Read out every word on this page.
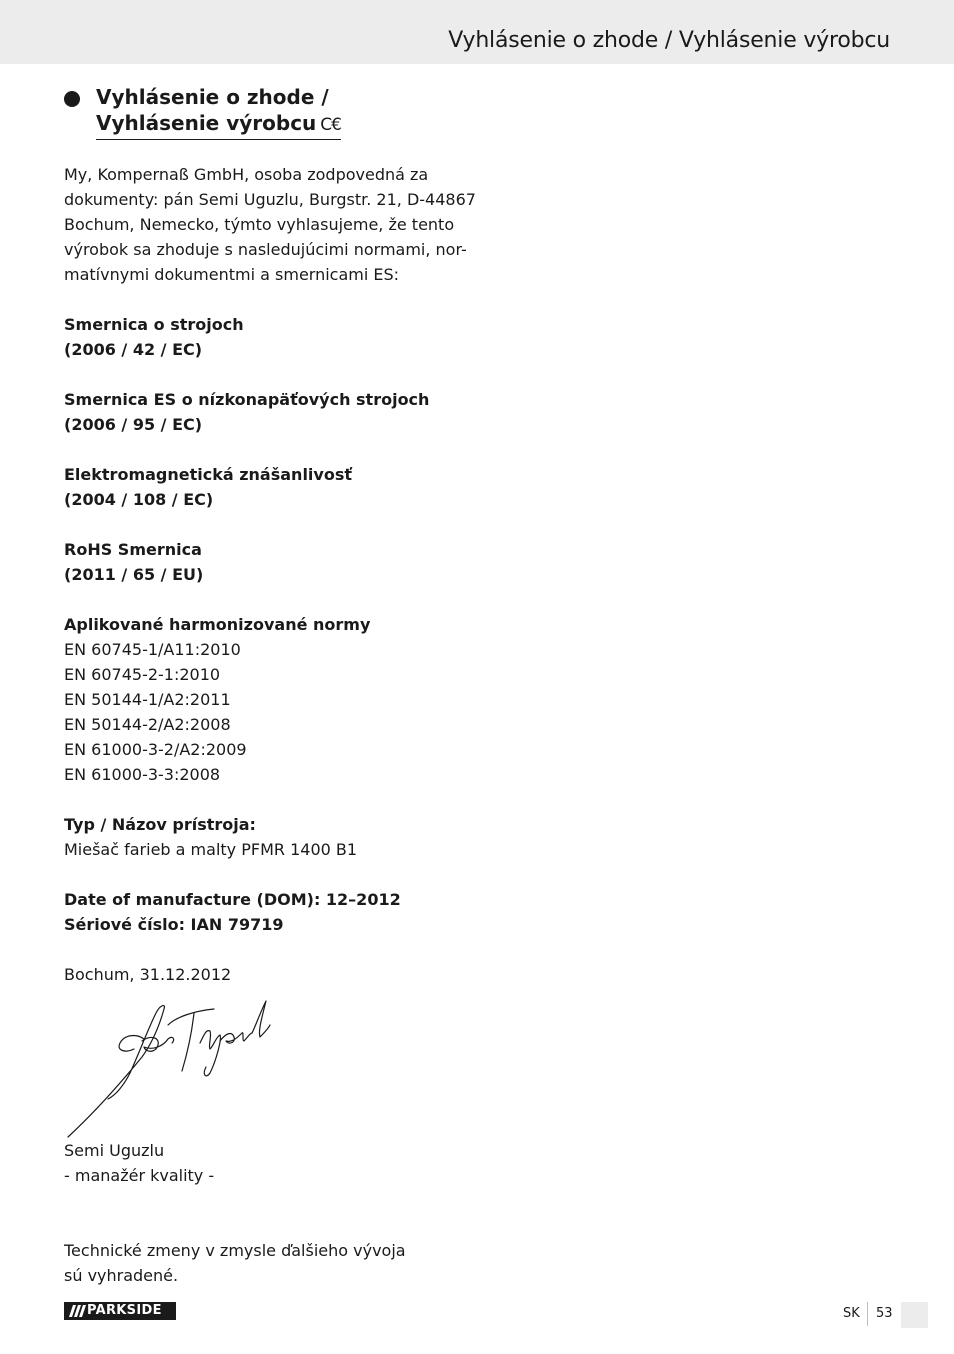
Vyhlásenie o zhode / Vyhlásenie výrobcu
Vyhlásenie o zhode /
Vyhlásenie výrobcu C€
My, Kompernaß GmbH, osoba zodpovedná za
dokumenty: pán Semi Uguzlu, Burgstr. 21, D-44867
Bochum, Nemecko, týmto vyhlasujeme, že tento
výrobok sa zhoduje s nasledujúcimi normami, nor-
matívnymi dokumentmi a smernicami ES:
Smernica o strojoch
(2006 / 42 / EC)
Smernica ES o nízkonapäťových strojoch
(2006 / 95 / EC)
Elektromagnetická znášanlivosť
(2004 / 108 / EC)
RoHS Smernica
(2011 / 65 / EU)
Aplikované harmonizované normy
EN 60745-1/A11:2010
EN 60745-2-1:2010
EN 50144-1/A2:2011
EN 50144-2/A2:2008
EN 61000-3-2/A2:2009
EN 61000-3-3:2008
Typ / Názov prístroja:
Miešač farieb a malty PFMR 1400 B1
Date of manufacture (DOM): 12–2012
Sériové číslo: IAN 79719
Bochum, 31.12.2012
Semi Uguzlu
- manažér kvality -
Technické zmeny v zmysle ďalšieho vývoja
sú vyhradené.
PARKSIDE	SK 53
